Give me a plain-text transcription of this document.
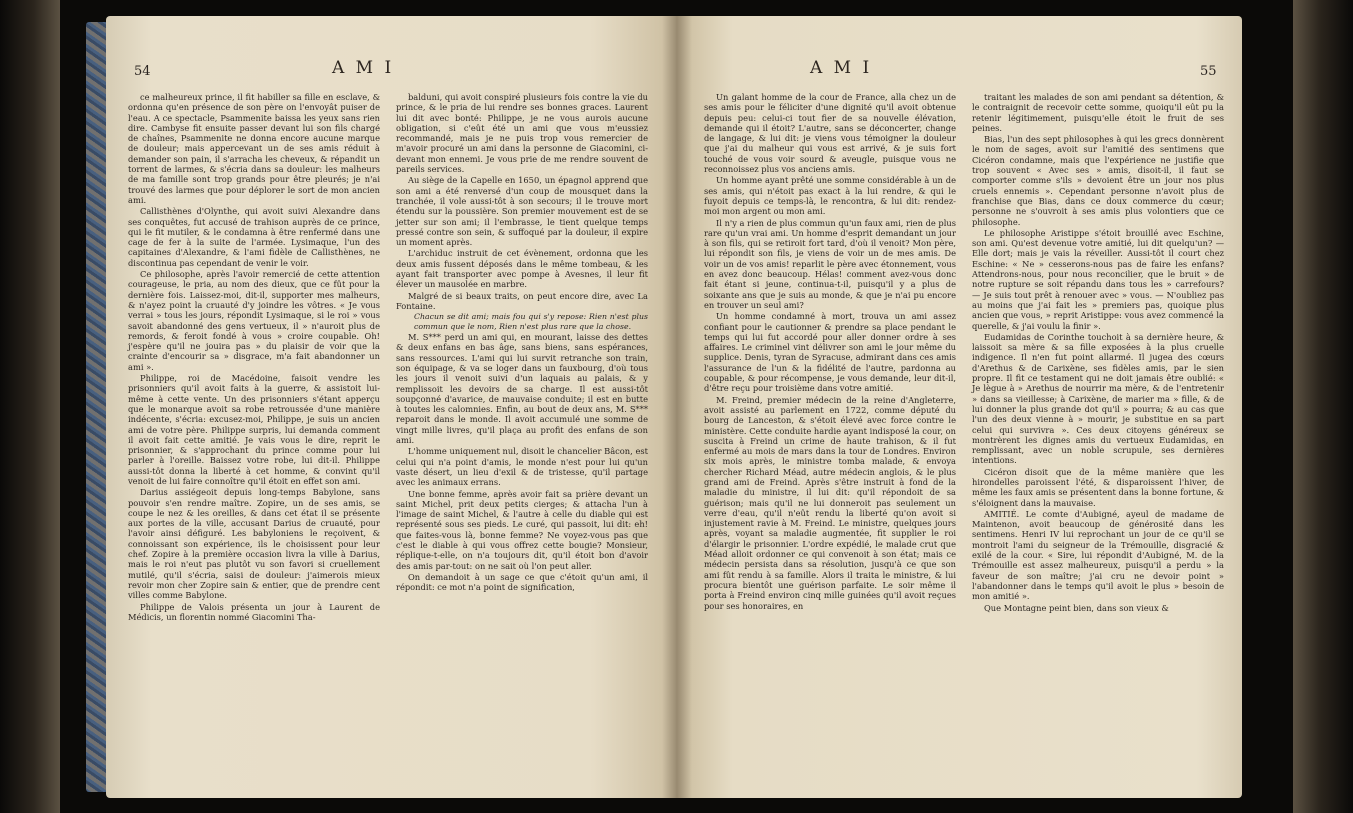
54	A M I

ce malheureux prince, il fit habiller sa fille en esclave, & ordonna qu'en présence de son père on l'envoyât puiser de l'eau. A ce spectacle, Psammenite baissa les yeux sans rien dire. Cambyse fit ensuite passer devant lui son fils chargé de chaînes, Psammenite ne donna encore aucune marque de douleur; mais appercevant un de ses amis réduit à demander son pain, il s'arracha les cheveux, & répandit un torrent de larmes, & s'écria dans sa douleur: les malheurs de ma famille sont trop grands pour être pleurés; je n'ai trouvé des larmes que pour déplorer le sort de mon ancien ami.

Callisthènes d'Olynthe, qui avoit suivi Alexandre dans ses conquêtes, fut accusé de trahison auprès de ce prince, qui le fit mutiler, & le condamna à être renfermé dans une cage de fer à la suite de l'armée. Lysimaque, l'un des capitaines d'Alexandre, & l'ami fidèle de Callisthènes, ne discontinua pas cependant de venir le voir.

Ce philosophe, après l'avoir remercié de cette attention courageuse, le pria, au nom des dieux, que ce fût pour la dernière fois. Laissez-moi, dit-il, supporter mes malheurs, & n'ayez point la cruauté d'y joindre les vôtres. « Je vous verrai » tous les jours, répondit Lysimaque, si le roi » vous savoit abandonné des gens vertueux, il » n'auroit plus de remords, & feroit fondé à vous » croire coupable. Oh! j'espère qu'il ne jouira pas » du plaisir de voir que la crainte d'encourir sa » disgrace, m'a fait abandonner un ami ».

Philippe, roi de Macédoine, faisoit vendre les prisonniers qu'il avoit faits à la guerre, & assistoit lui-même à cette vente. Un des prisonniers s'étant apperçu que le monarque avoit sa robe retroussée d'une manière indécente, s'écria: excusez-moi, Philippe, je suis un ancien ami de votre père. Philippe surpris, lui demanda comment il avoit fait cette amitié. Je vais vous le dire, reprit le prisonnier, & s'approchant du prince comme pour lui parler à l'oreille. Baissez votre robe, lui dit-il. Philippe aussi-tôt donna la liberté à cet homme, & convint qu'il venoit de lui faire connoître qu'il étoit en effet son ami.

Darius assiégeoit depuis long-temps Babylone, sans pouvoir s'en rendre maître. Zopire, un de ses amis, se coupe le nez & les oreilles, & dans cet état il se présente aux portes de la ville, accusant Darius de cruauté, pour l'avoir ainsi défiguré. Les babyloniens le reçoivent, & connoissant son expérience, ils le choisissent pour leur chef. Zopire à la première occasion livra la ville à Darius, mais le roi n'eut pas plutôt vu son favori si cruellement mutilé, qu'il s'écria, saisi de douleur: j'aimerois mieux revoir mon cher Zopire sain & entier, que de prendre cent villes comme Babylone.

Philippe de Valois présenta un jour à Laurent de Médicis, un florentin nommé Giacomini Tha-

balduni, qui avoit conspiré plusieurs fois contre la vie du prince, & le pria de lui rendre ses bonnes graces. Laurent lui dit avec bonté: Philippe, je ne vous aurois aucune obligation, si c'eût été un ami que vous m'eussiez recommandé, mais je ne puis trop vous remercier de m'avoir procuré un ami dans la personne de Giacomini, ci-devant mon ennemi. Je vous prie de me rendre souvent de pareils services.

Au siège de la Capelle en 1650, un épagnol apprend que son ami a été renversé d'un coup de mousquet dans la tranchée, il vole aussi-tôt à son secours; il le trouve mort étendu sur la poussière. Son premier mouvement est de se jetter sur son ami; il l'embrasse, le tient quelque temps pressé contre son sein, & suffoqué par la douleur, il expire un moment après.

L'archiduc instruit de cet évènement, ordonna que les deux amis fussent déposés dans le même tombeau, & les ayant fait transporter avec pompe à Avesnes, il leur fit élever un mausolée en marbre.

Malgré de si beaux traits, on peut encore dire, avec La Fontaine.

Chacun se dit ami; mais fou qui s'y repose: Rien n'est plus commun que le nom, Rien n'est plus rare que la chose.

M. S*** perd un ami qui, en mourant, laisse des dettes & deux enfans en bas âge, sans biens, sans espérances, sans ressources. L'ami qui lui survit retranche son train, son équipage, & va se loger dans un fauxbourg, d'où tous les jours il venoit suivi d'un laquais au palais, & y remplissoit les devoirs de sa charge. Il est aussi-tôt soupçonné d'avarice, de mauvaise conduite; il est en butte à toutes les calomnies. Enfin, au bout de deux ans, M. S*** reparoit dans le monde. Il avoit accumulé une somme de vingt mille livres, qu'il plaça au profit des enfans de son ami.

L'homme uniquement nul, disoit le chancelier Bâcon, est celui qui n'a point d'amis, le monde n'est pour lui qu'un vaste désert, un lieu d'exil & de tristesse, qu'il partage avec les animaux errans.

Une bonne femme, après avoir fait sa prière devant un saint Michel, prit deux petits cierges; & attacha l'un à l'image de saint Michel, & l'autre à celle du diable qui est représenté sous ses pieds. Le curé, qui passoit, lui dit: eh! que faites-vous là, bonne femme? Ne voyez-vous pas que c'est le diable à qui vous offrez cette bougie? Monsieur, réplique-t-elle, on n'a toujours dit, qu'il étoit bon d'avoir des amis par-tout: on ne sait où l'on peut aller.

On demandoit à un sage ce que c'étoit qu'un ami, il répondit: ce mot n'a point de signification,

A M I	55

Un galant homme de la cour de France, alla chez un de ses amis pour le féliciter d'une dignité qu'il avoit obtenue depuis peu: celui-ci tout fier de sa nouvelle élévation, demande qui il étoit? L'autre, sans se déconcerter, change de langage, & lui dit: je viens vous témoigner la douleur que j'ai du malheur qui vous est arrivé, & je suis fort touché de vous voir sourd & aveugle, puisque vous ne reconnoissez plus vos anciens amis.

Un homme ayant prêté une somme considérable à un de ses amis, qui n'étoit pas exact à la lui rendre, & qui le fuyoit depuis ce temps-là, le rencontra, & lui dit: rendez-moi mon argent ou mon ami.

Il n'y a rien de plus commun qu'un faux ami, rien de plus rare qu'un vrai ami. Un homme d'esprit demandant un jour à son fils, qui se retiroit fort tard, d'où il venoit? Mon père, lui répondit son fils, je viens de voir un de mes amis. De voir un de vos amis! reparlit le père avec étonnement, vous en avez donc beaucoup. Hélas! comment avez-vous donc fait étant si jeune, continua-t-il, puisqu'il y a plus de soixante ans que je suis au monde, & que je n'ai pu encore en trouver un seul ami?

Un homme condamné à mort, trouva un ami assez confiant pour le cautionner & prendre sa place pendant le temps qui lui fut accordé pour aller donner ordre à ses affaires. Le criminel vint délivrer son ami le jour même du supplice. Denis, tyran de Syracuse, admirant dans ces amis l'assurance de l'un & la fidélité de l'autre, pardonna au coupable, & pour récompense, je vous demande, leur dit-il, d'être reçu pour troisième dans votre amitié.

M. Freind, premier médecin de la reine d'Angleterre, avoit assisté au parlement en 1722, comme député du bourg de Lanceston, & s'étoit élevé avec force contre le ministère. Cette conduite hardie ayant indisposé la cour, on suscita à Freind un crime de haute trahison, & il fut enfermé au mois de mars dans la tour de Londres. Environ six mois après, le ministre tomba malade, & envoya chercher Richard Méad, autre médecin anglois, & le plus grand ami de Freind. Après s'être instruit à fond de la maladie du ministre, il lui dit: qu'il répondoit de sa guérison; mais qu'il ne lui donneroit pas seulement un verre d'eau, qu'il n'eût rendu la liberté qu'on avoit si injustement ravie à M. Freind. Le ministre, quelques jours après, voyant sa maladie augmentée, fit supplier le roi d'élargir le prisonnier. L'ordre expédié, le malade crut que Méad alloit ordonner ce qui convenoit à son état; mais ce médecin persista dans sa résolution, jusqu'à ce que son ami fût rendu à sa famille. Alors il traita le ministre, & lui procura bientôt une guérison parfaite. Le soir même il porta à Freind environ cinq mille guinées qu'il avoit reçues pour ses honoraires, en

traitant les malades de son ami pendant sa détention, & le contraignit de recevoir cette somme, quoiqu'il eût pu la retenir légitimement, puisqu'elle étoit le fruit de ses peines.

Bias, l'un des sept philosophes à qui les grecs donnèrent le nom de sages, avoit sur l'amitié des sentimens que Cicéron condamne, mais que l'expérience ne justifie que trop souvent « Avec ses » amis, disoit-il, il faut se comporter comme s'ils » devoient être un jour nos plus cruels ennemis ». Cependant personne n'avoit plus de franchise que Bias, dans ce doux commerce du cœur; personne ne s'ouvroit à ses amis plus volontiers que ce philosophe.

Le philosophe Aristippe s'étoit brouillé avec Eschine, son ami. Qu'est devenue votre amitié, lui dit quelqu'un? — Elle dort; mais je vais la réveiller. Aussi-tôt il court chez Eschine: « Ne » cesserons-nous pas de faire les enfans? Attendrons-nous, pour nous reconcilier, que le bruit » de notre rupture se soit répandu dans tous les » carrefours? — Je suis tout prêt à renouer avec » vous. — N'oubliez pas au moins que j'ai fait les » premiers pas, quoique plus ancien que vous, » reprit Aristippe: vous avez commencé la querelle, & j'ai voulu la finir ».

Eudamidas de Corinthe touchoit à sa dernière heure, & laissoit sa mère & sa fille exposées à la plus cruelle indigence. Il n'en fut point allarmé. Il jugea des cœurs d'Arethus & de Carixène, ses fidèles amis, par le sien propre. Il fit ce testament qui ne doit jamais être oublié: « Je lègue à » Arethus de nourrir ma mère, & de l'entretenir » dans sa vieillesse; à Carixène, de marier ma » fille, & de lui donner la plus grande dot qu'il » pourra; & au cas que l'un des deux vienne à » mourir, je substitue en sa part celui qui survivra ». Ces deux citoyens généreux se montrèrent les dignes amis du vertueux Eudamidas, en remplissant, avec un noble scrupule, ses dernières intentions.

Cicéron disoit que de la même manière que les hirondelles paroissent l'été, & disparoissent l'hiver, de même les faux amis se présentent dans la bonne fortune, & s'éloignent dans la mauvaise.

AMITIÉ. Le comte d'Aubigné, ayeul de madame de Maintenon, avoit beaucoup de générosité dans les sentimens. Henri IV lui reprochant un jour de ce qu'il se montroit l'ami du seigneur de la Trémouille, disgracié & exilé de la cour. « Sire, lui répondit d'Aubigné, M. de la Trémouille est assez malheureux, puisqu'il a perdu » la faveur de son maître; j'ai cru ne devoir point » l'abandonner dans le temps qu'il avoit le plus » besoin de mon amitié ».

Que Montagne peint bien, dans son vieux &
